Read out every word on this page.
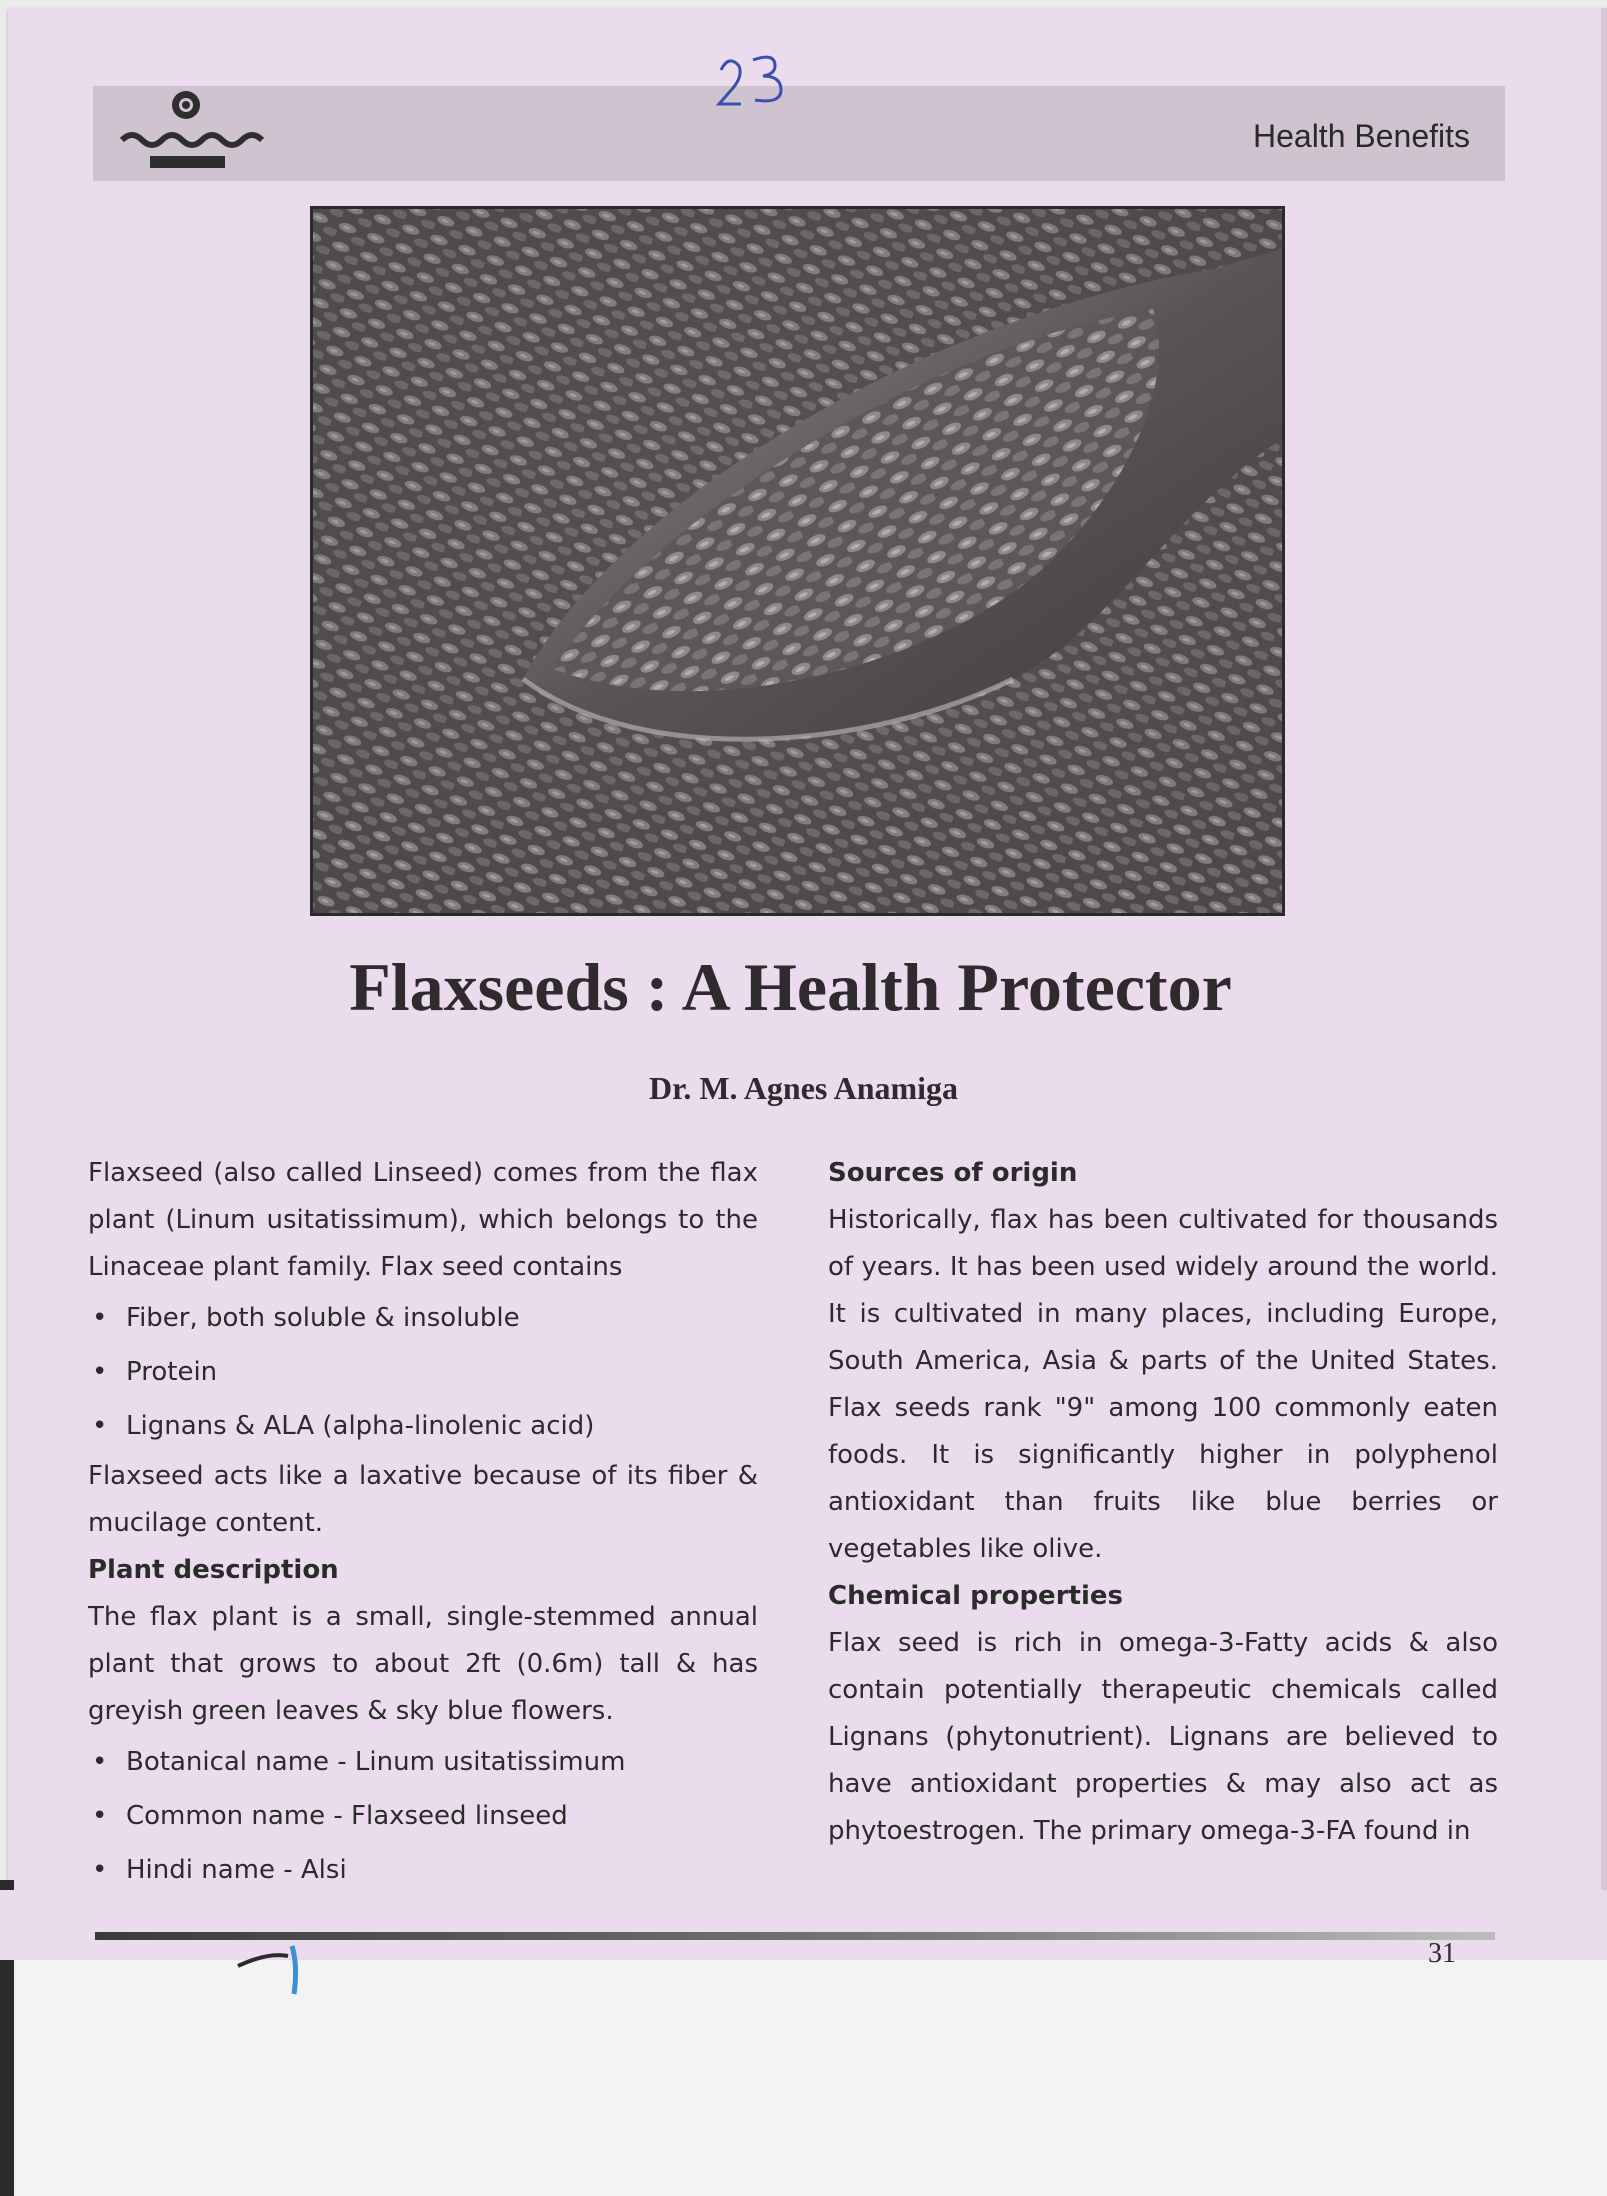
Health Benefits
Flaxseeds : A Health Protector
Dr. M. Agnes Anamiga

Flaxseed (also called Linseed) comes from the flax plant (Linum usitatissimum), which belongs to the Linaceae plant family. Flax seed contains

• Fiber, both soluble & insoluble
• Protein
• Lignans & ALA (alpha-linolenic acid)

Flaxseed acts like a laxative because of its fiber & mucilage content.

Plant description

The flax plant is a small, single-stemmed annual plant that grows to about 2ft (0.6m) tall & has greyish green leaves & sky blue flowers.

• Botanical name - Linum usitatissimum
• Common name - Flaxseed linseed
• Hindi name - Alsi
Sources of origin

Historically, flax has been cultivated for thousands of years. It has been used widely around the world. It is cultivated in many places, including Europe, South America, Asia & parts of the United States. Flax seeds rank "9" among 100 commonly eaten foods. It is significantly higher in polyphenol antioxidant than fruits like blue berries or vegetables like olive.

Chemical properties

Flax seed is rich in omega-3-Fatty acids & also contain potentially therapeutic chemicals called Lignans (phytonutrient). Lignans are believed to have antioxidant properties & may also act as phytoestrogen. The primary omega-3-FA found in

31
